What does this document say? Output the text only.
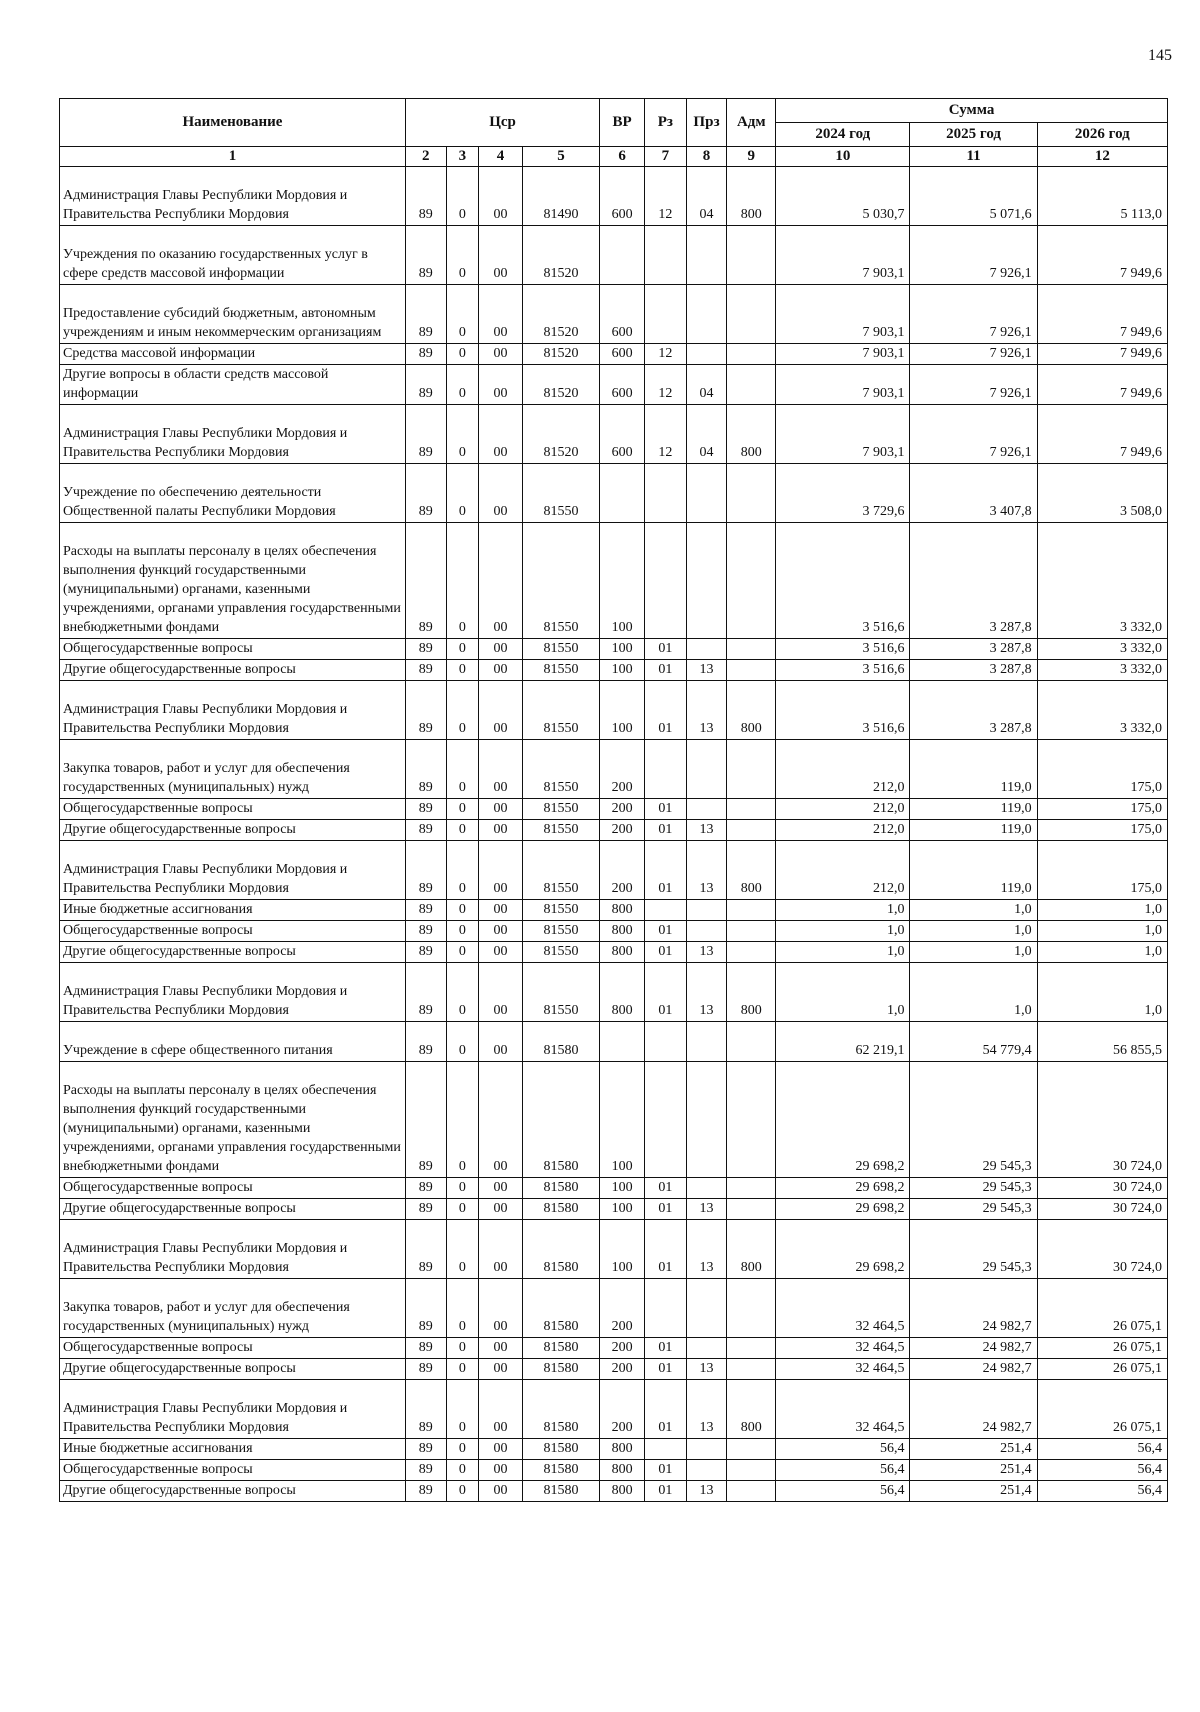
145
Наименование	Цср				ВР	Рз	Прз	Адм	Сумма		
									2024 год	2025 год	2026 год
1	2	3	4	5	6	7	8	9	10	11	12
Администрация Главы Республики Мордовия и Правительства Республики Мордовия	89	0	00	81490	600	12	04	800	5 030,7	5 071,6	5 113,0
Учреждения по оказанию государственных услуг в сфере средств массовой информации	89	0	00	81520					7 903,1	7 926,1	7 949,6
Предоставление субсидий бюджетным, автономным учреждениям и иным некоммерческим организациям	89	0	00	81520	600				7 903,1	7 926,1	7 949,6
Средства массовой информации	89	0	00	81520	600	12			7 903,1	7 926,1	7 949,6
Другие вопросы в области средств массовой информации	89	0	00	81520	600	12	04		7 903,1	7 926,1	7 949,6
Администрация Главы Республики Мордовия и Правительства Республики Мордовия	89	0	00	81520	600	12	04	800	7 903,1	7 926,1	7 949,6
Учреждение по обеспечению деятельности Общественной палаты Республики Мордовия	89	0	00	81550					3 729,6	3 407,8	3 508,0
Расходы на выплаты персоналу в целях обеспечения выполнения функций государственными (муниципальными) органами, казенными учреждениями, органами управления государственными внебюджетными фондами	89	0	00	81550	100				3 516,6	3 287,8	3 332,0
Общегосударственные вопросы	89	0	00	81550	100	01			3 516,6	3 287,8	3 332,0
Другие общегосударственные вопросы	89	0	00	81550	100	01	13		3 516,6	3 287,8	3 332,0
Администрация Главы Республики Мордовия и Правительства Республики Мордовия	89	0	00	81550	100	01	13	800	3 516,6	3 287,8	3 332,0
Закупка товаров, работ и услуг для обеспечения государственных (муниципальных) нужд	89	0	00	81550	200				212,0	119,0	175,0
Общегосударственные вопросы	89	0	00	81550	200	01			212,0	119,0	175,0
Другие общегосударственные вопросы	89	0	00	81550	200	01	13		212,0	119,0	175,0
Администрация Главы Республики Мордовия и Правительства Республики Мордовия	89	0	00	81550	200	01	13	800	212,0	119,0	175,0
Иные бюджетные ассигнования	89	0	00	81550	800				1,0	1,0	1,0
Общегосударственные вопросы	89	0	00	81550	800	01			1,0	1,0	1,0
Другие общегосударственные вопросы	89	0	00	81550	800	01	13		1,0	1,0	1,0
Администрация Главы Республики Мордовия и Правительства Республики Мордовия	89	0	00	81550	800	01	13	800	1,0	1,0	1,0
Учреждение в сфере общественного питания	89	0	00	81580					62 219,1	54 779,4	56 855,5
Расходы на выплаты персоналу в целях обеспечения выполнения функций государственными (муниципальными) органами, казенными учреждениями, органами управления государственными внебюджетными фондами	89	0	00	81580	100				29 698,2	29 545,3	30 724,0
Общегосударственные вопросы	89	0	00	81580	100	01			29 698,2	29 545,3	30 724,0
Другие общегосударственные вопросы	89	0	00	81580	100	01	13		29 698,2	29 545,3	30 724,0
Администрация Главы Республики Мордовия и Правительства Республики Мордовия	89	0	00	81580	100	01	13	800	29 698,2	29 545,3	30 724,0
Закупка товаров, работ и услуг для обеспечения государственных (муниципальных) нужд	89	0	00	81580	200				32 464,5	24 982,7	26 075,1
Общегосударственные вопросы	89	0	00	81580	200	01			32 464,5	24 982,7	26 075,1
Другие общегосударственные вопросы	89	0	00	81580	200	01	13		32 464,5	24 982,7	26 075,1
Администрация Главы Республики Мордовия и Правительства Республики Мордовия	89	0	00	81580	200	01	13	800	32 464,5	24 982,7	26 075,1
Иные бюджетные ассигнования	89	0	00	81580	800				56,4	251,4	56,4
Общегосударственные вопросы	89	0	00	81580	800	01			56,4	251,4	56,4
Другие общегосударственные вопросы	89	0	00	81580	800	01	13		56,4	251,4	56,4
